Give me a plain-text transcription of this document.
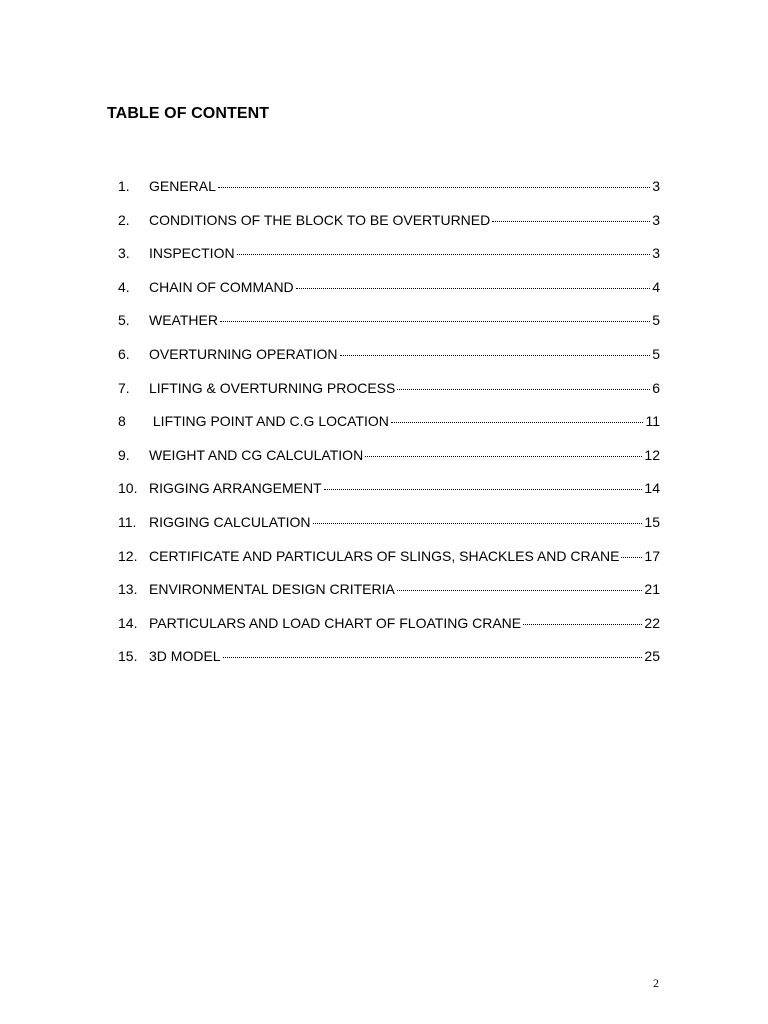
TABLE OF CONTENT
1.	GENERAL	3
2.	CONDITIONS OF THE BLOCK TO BE OVERTURNED	3
3.	INSPECTION	3
4.	CHAIN OF COMMAND	4
5.	WEATHER	5
6.	OVERTURNING OPERATION	5
7.	LIFTING & OVERTURNING PROCESS	6
8	LIFTING POINT AND C.G LOCATION	11
9.	WEIGHT AND CG CALCULATION	12
10. RIGGING ARRANGEMENT	14
11. RIGGING CALCULATION	15
12. CERTIFICATE AND PARTICULARS OF SLINGS, SHACKLES AND CRANE 17
13. ENVIRONMENTAL DESIGN CRITERIA	21
14. PARTICULARS AND LOAD CHART OF FLOATING CRANE	22
15. 3D MODEL	25
2
